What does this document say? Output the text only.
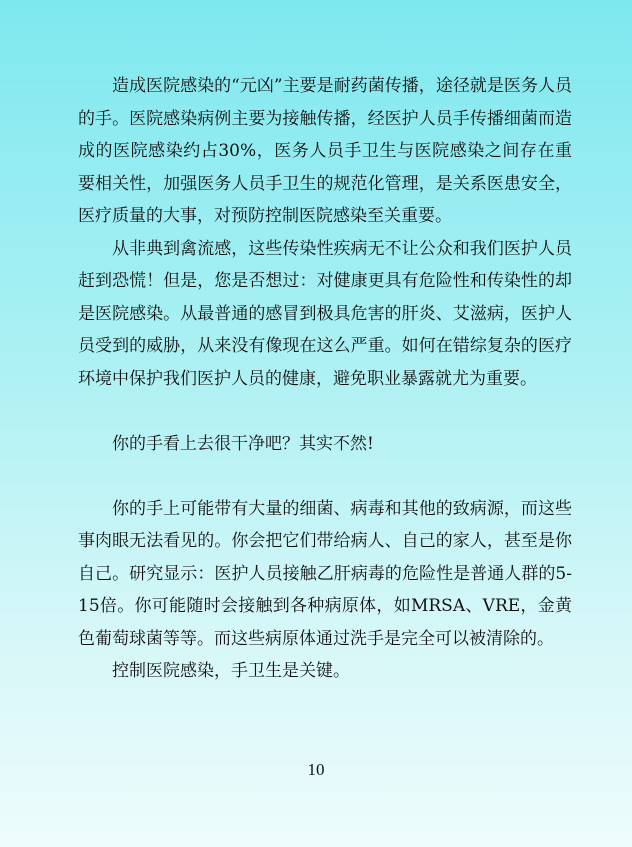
造成医院感染的“元凶”主要是耐药菌传播，途径就是医务人员的手。医院感染病例主要为接触传播，经医护人员手传播细菌而造成的医院感染约占30%，医务人员手卫生与医院感染之间存在重要相关性，加强医务人员手卫生的规范化管理，是关系医患安全，医疗质量的大事，对预防控制医院感染至关重要。

从非典到禽流感，这些传染性疾病无不让公众和我们医护人员赶到恐慌！但是，您是否想过：对健康更具有危险性和传染性的却是医院感染。从最普通的感冒到极具危害的肝炎、艾滋病，医护人员受到的威胁，从来没有像现在这么严重。如何在错综复杂的医疗环境中保护我们医护人员的健康，避免职业暴露就尤为重要。

你的手看上去很干净吧？其实不然!

你的手上可能带有大量的细菌、病毒和其他的致病源，而这些事肉眼无法看见的。你会把它们带给病人、自己的家人，甚至是你自己。研究显示：医护人员接触乙肝病毒的危险性是普通人群的5-15倍。你可能随时会接触到各种病原体，如MRSA、VRE，金黄色葡萄球菌等等。而这些病原体通过洗手是完全可以被清除的。

控制医院感染，手卫生是关键。

10
